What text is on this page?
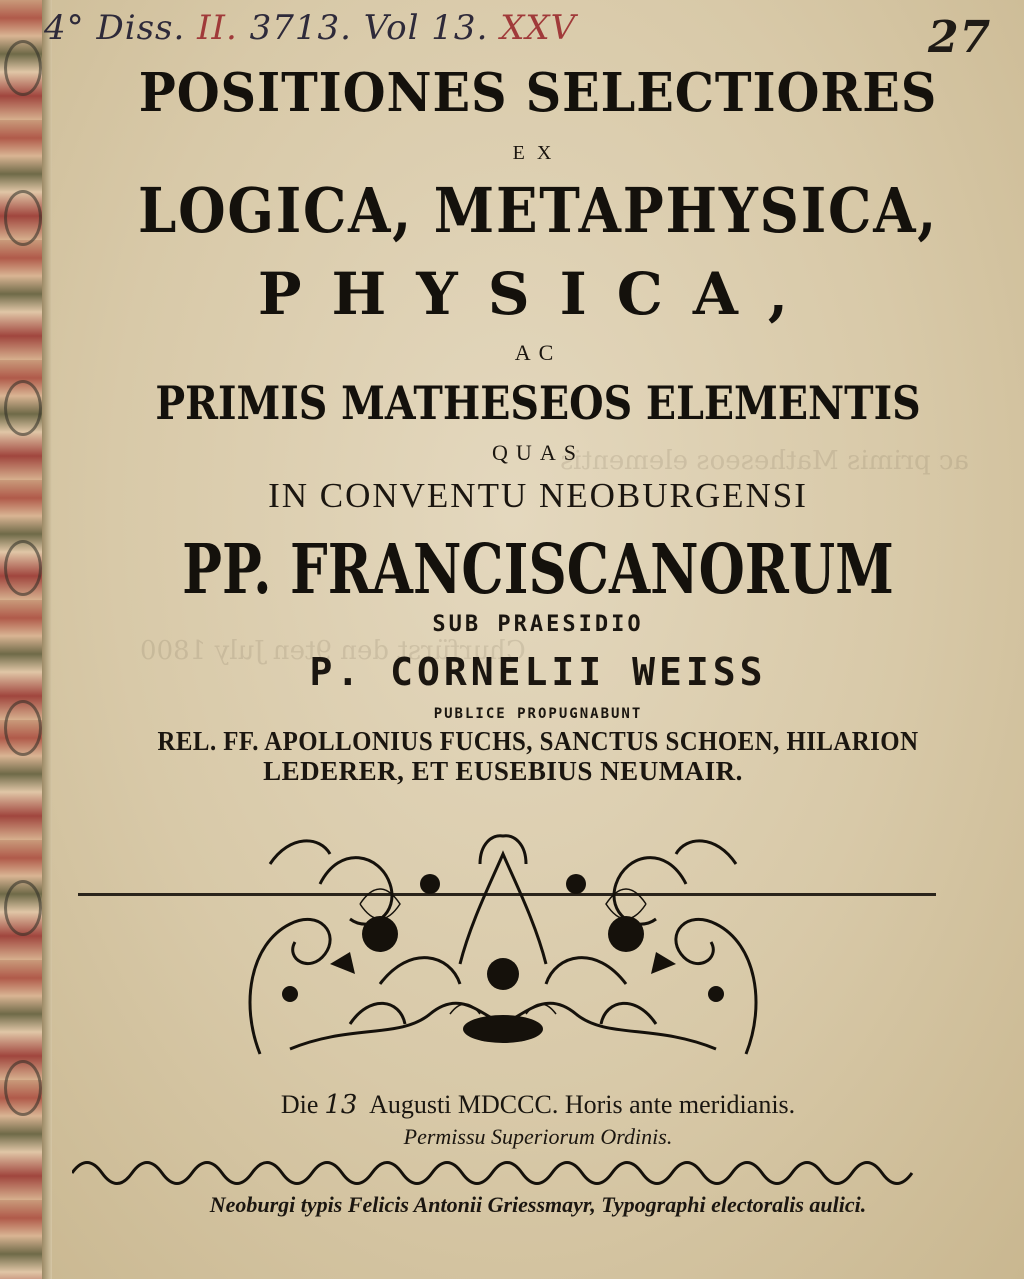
ac primis Matheseos elementis
Churfürst den 9ten July 1800
4° Diss. II. 3713. Vol 13. XXV	27
POSITIONES SELECTIORES
EX
LOGICA, METAPHYSICA,
PHYSICA,
AC
PRIMIS MATHESEOS ELEMENTIS
QUAS
IN CONVENTU NEOBURGENSI
PP. FRANCISCANORUM
SUB PRAESIDIO
P. CORNELII WEISS
PUBLICE PROPUGNABUNT
REL. FF. APOLLONIUS FUCHS, SANCTUS SCHOEN, HILARION
LEDERER, ET EUSEBIUS NEUMAIR.
Die 13 Augusti MDCCC. Horis ante meridianis.
Permissu Superiorum Ordinis.
Neoburgi typis Felicis Antonii Griessmayr, Typographi electoralis aulici.
